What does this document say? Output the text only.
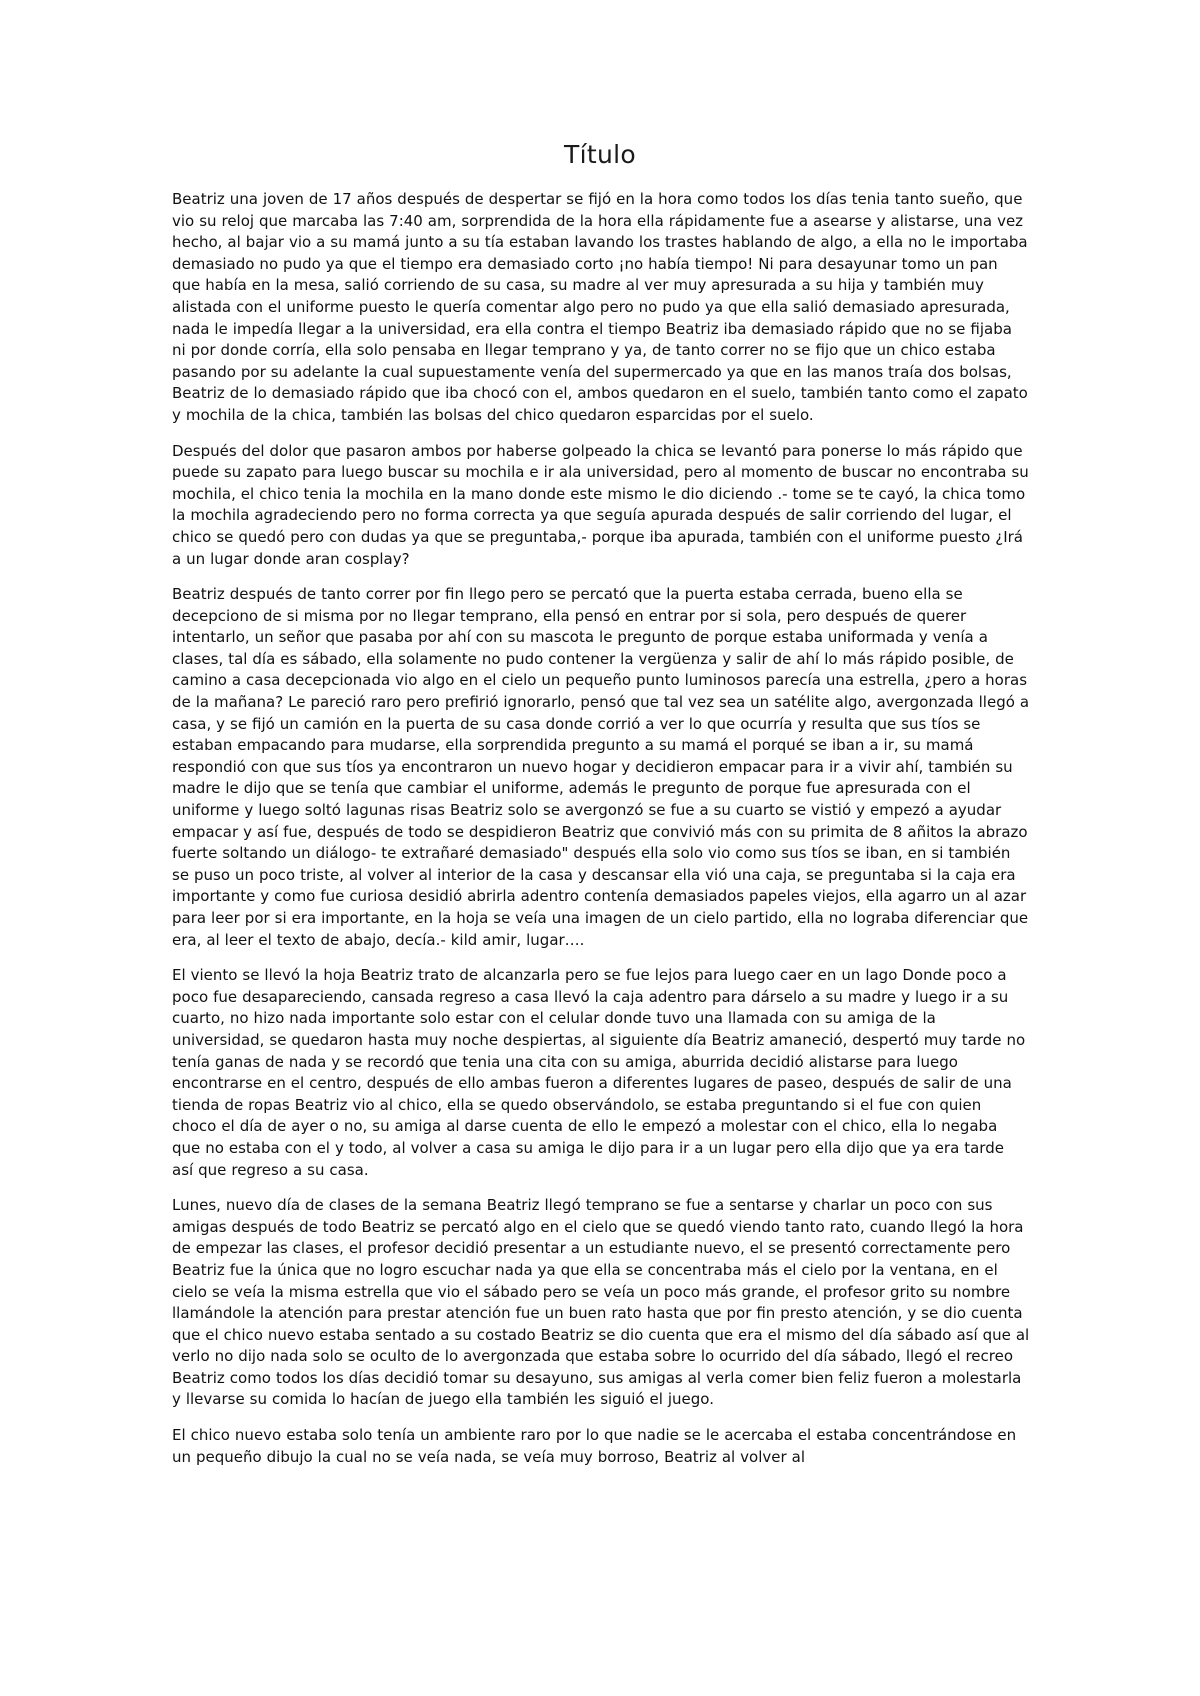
Título

Beatriz una joven de 17 años después de despertar se fijó en la hora como todos los días tenia tanto sueño, que vio su reloj que marcaba las 7:40 am, sorprendida de la hora ella rápidamente fue a asearse y alistarse, una vez hecho, al bajar vio a su mamá junto a su tía estaban lavando los trastes hablando de algo, a ella no le importaba demasiado no pudo ya que el tiempo era demasiado corto ¡no había tiempo! Ni para desayunar tomo un pan que había en la mesa, salió corriendo de su casa, su madre al ver muy apresurada a su hija y también muy alistada con el uniforme puesto le quería comentar algo pero no pudo ya que ella salió demasiado apresurada, nada le impedía llegar a la universidad, era ella contra el tiempo Beatriz iba demasiado rápido que no se fijaba ni por donde corría, ella solo pensaba en llegar temprano y ya, de tanto correr no se fijo que un chico estaba pasando por su adelante la cual supuestamente venía del supermercado ya que en las manos traía dos bolsas, Beatriz de lo demasiado rápido que iba chocó con el, ambos quedaron en el suelo, también tanto como el zapato y mochila de la chica, también las bolsas del chico quedaron esparcidas por el suelo.

Después del dolor que pasaron ambos por haberse golpeado la chica se levantó para ponerse lo más rápido que puede su zapato para luego buscar su mochila e ir ala universidad, pero al momento de buscar no encontraba su mochila, el chico tenia la mochila en la mano donde este mismo le dio diciendo .- tome se te cayó, la chica tomo la mochila agradeciendo pero no forma correcta ya que seguía apurada después de salir corriendo del lugar, el chico se quedó pero con dudas ya que se preguntaba,- porque iba apurada, también con el uniforme puesto ¿Irá a un lugar donde aran cosplay?

Beatriz después de tanto correr por fin llego pero se percató que la puerta estaba cerrada, bueno ella se decepciono de si misma por no llegar temprano, ella pensó en entrar por si sola, pero después de querer intentarlo, un señor que pasaba por ahí con su mascota le pregunto de porque estaba uniformada y venía a clases, tal día es sábado, ella solamente no pudo contener la vergüenza y salir de ahí lo más rápido posible, de camino a casa decepcionada vio algo en el cielo un pequeño punto luminosos parecía una estrella, ¿pero a horas de la mañana? Le pareció raro pero prefirió ignorarlo, pensó que tal vez sea un satélite algo, avergonzada llegó a casa, y se fijó un camión en la puerta de su casa donde corrió a ver lo que ocurría y resulta que sus tíos se estaban empacando para mudarse, ella sorprendida pregunto a su mamá el porqué se iban a ir, su mamá respondió con que sus tíos ya encontraron un nuevo hogar y decidieron empacar para ir a vivir ahí, también su madre le dijo que se tenía que cambiar el uniforme, además le pregunto de porque fue apresurada con el uniforme y luego soltó lagunas risas Beatriz solo se avergonzó se fue a su cuarto se vistió y empezó a ayudar empacar y así fue, después de todo se despidieron Beatriz que convivió más con su primita de 8 añitos la abrazo fuerte soltando un diálogo- te extrañaré demasiado" después ella solo vio como sus tíos se iban, en si también se puso un poco triste, al volver al interior de la casa y descansar ella vió una caja, se preguntaba si la caja era importante y como fue curiosa desidió abrirla adentro contenía demasiados papeles viejos, ella agarro un al azar para leer por si era importante, en la hoja se veía una imagen de un cielo partido, ella no lograba diferenciar que era, al leer el texto de abajo, decía.- kild amir, lugar….

El viento se llevó la hoja Beatriz trato de alcanzarla pero se fue lejos para luego caer en un lago Donde poco a poco fue desapareciendo, cansada regreso a casa llevó la caja adentro para dárselo a su madre y luego ir a su cuarto, no hizo nada importante solo estar con el celular donde tuvo una llamada con su amiga de la universidad, se quedaron hasta muy noche despiertas, al siguiente día Beatriz amaneció, despertó muy tarde no tenía ganas de nada y se recordó que tenia una cita con su amiga, aburrida decidió alistarse para luego encontrarse en el centro, después de ello ambas fueron a diferentes lugares de paseo, después de salir de una tienda de ropas Beatriz vio al chico, ella se quedo observándolo, se estaba preguntando si el fue con quien choco el día de ayer o no, su amiga al darse cuenta de ello le empezó a molestar con el chico, ella lo negaba que no estaba con el y todo, al volver a casa su amiga le dijo para ir a un lugar pero ella dijo que ya era tarde así que regreso a su casa.

Lunes, nuevo día de clases de la semana Beatriz llegó temprano se fue a sentarse y charlar un poco con sus amigas después de todo Beatriz se percató algo en el cielo que se quedó viendo tanto rato, cuando llegó la hora de empezar las clases, el profesor decidió presentar a un estudiante nuevo, el se presentó correctamente pero Beatriz fue la única que no logro escuchar nada ya que ella se concentraba más el cielo por la ventana, en el cielo se veía la misma estrella que vio el sábado pero se veía un poco más grande, el profesor grito su nombre llamándole la atención para prestar atención fue un buen rato hasta que por fin presto atención, y se dio cuenta que el chico nuevo estaba sentado a su costado Beatriz se dio cuenta que era el mismo del día sábado así que al verlo no dijo nada solo se oculto de lo avergonzada que estaba sobre lo ocurrido del día sábado, llegó el recreo Beatriz como todos los días decidió tomar su desayuno, sus amigas al verla comer bien feliz fueron a molestarla y llevarse su comida lo hacían de juego ella también les siguió el juego.

El chico nuevo estaba solo tenía un ambiente raro por lo que nadie se le acercaba el estaba concentrándose en un pequeño dibujo la cual no se veía nada, se veía muy borroso, Beatriz al volver al
